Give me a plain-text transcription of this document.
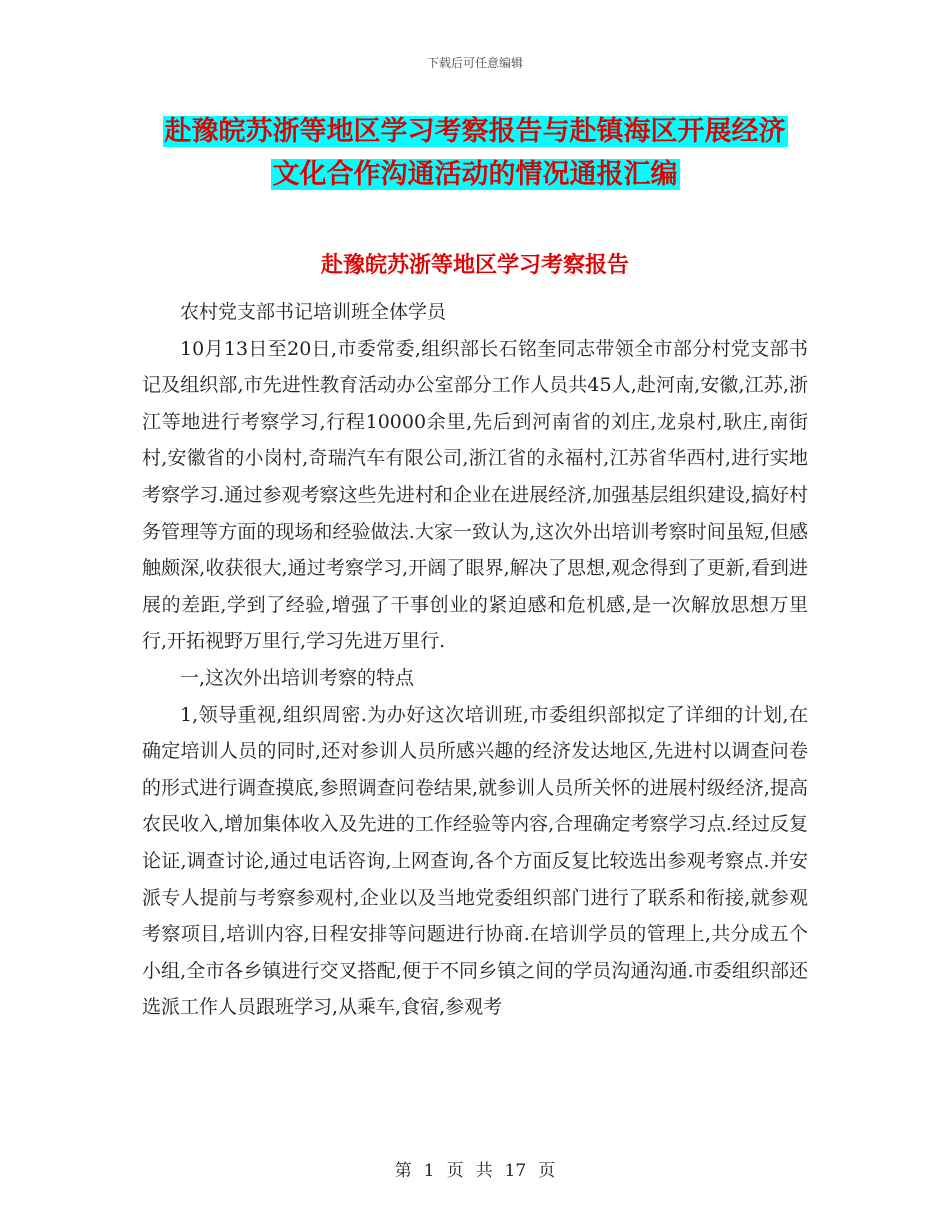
下载后可任意编辑
赴豫皖苏浙等地区学习考察报告与赴镇海区开展经济
文化合作沟通活动的情况通报汇编
赴豫皖苏浙等地区学习考察报告

农村党支部书记培训班全体学员

10月13日至20日,市委常委,组织部长石铭奎同志带领全市部分村党支部书记及组织部,市先进性教育活动办公室部分工作人员共45人,赴河南,安徽,江苏,浙江等地进行考察学习,行程10000余里,先后到河南省的刘庄,龙泉村,耿庄,南街村,安徽省的小岗村,奇瑞汽车有限公司,浙江省的永福村,江苏省华西村,进行实地考察学习.通过参观考察这些先进村和企业在进展经济,加强基层组织建设,搞好村务管理等方面的现场和经验做法.大家一致认为,这次外出培训考察时间虽短,但感触颇深,收获很大,通过考察学习,开阔了眼界,解决了思想,观念得到了更新,看到进展的差距,学到了经验,增强了干事创业的紧迫感和危机感,是一次解放思想万里行,开拓视野万里行,学习先进万里行.

一,这次外出培训考察的特点

1,领导重视,组织周密.为办好这次培训班,市委组织部拟定了详细的计划,在确定培训人员的同时,还对参训人员所感兴趣的经济发达地区,先进村以调查问卷的形式进行调查摸底,参照调查问卷结果,就参训人员所关怀的进展村级经济,提高农民收入,增加集体收入及先进的工作经验等内容,合理确定考察学习点.经过反复论证,调查讨论,通过电话咨询,上网查询,各个方面反复比较选出参观考察点.并安派专人提前与考察参观村,企业以及当地党委组织部门进行了联系和衔接,就参观考察项目,培训内容,日程安排等问题进行协商.在培训学员的管理上,共分成五个小组,全市各乡镇进行交叉搭配,便于不同乡镇之间的学员沟通沟通.市委组织部还选派工作人员跟班学习,从乘车,食宿,参观考

第 1 页 共 17 页
